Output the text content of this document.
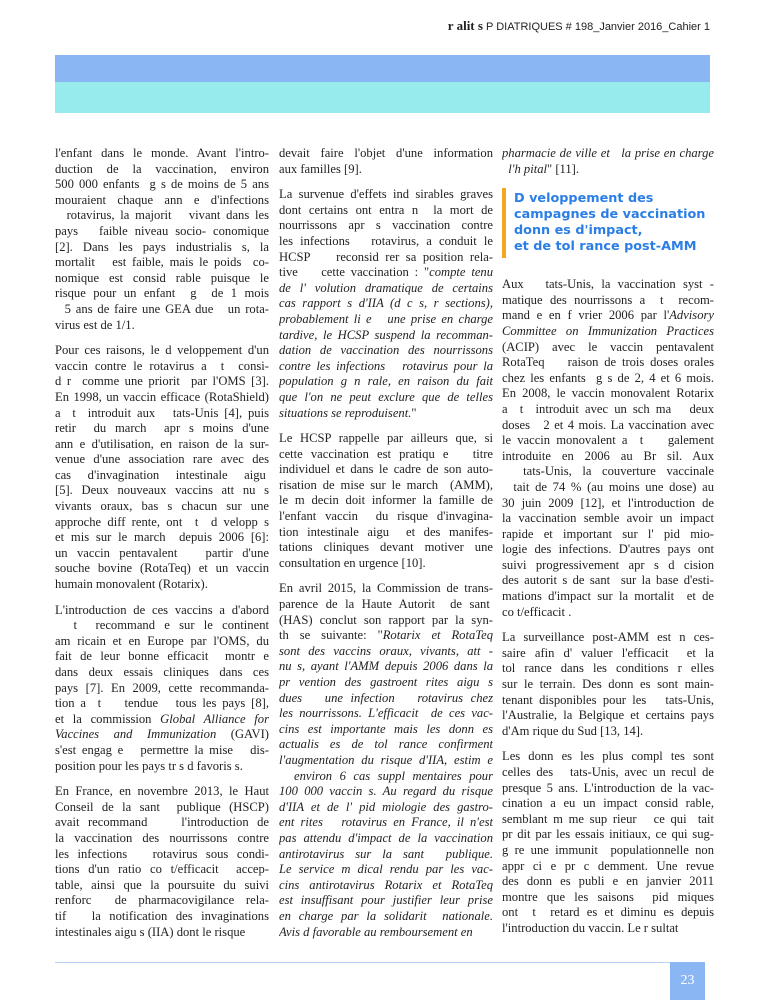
r alit s P DIATRIQUES # 198_Janvier 2016_Cahier 1
l'enfant dans le monde. Avant l'intro-
duction de la vaccination, environ
500 000 enfants  g s de moins de 5 ans
mouraient chaque ann e d'infections
rotavirus, la majorit   vivant dans les
pays   faible niveau socio- conomique
[2]. Dans les pays industrialis s, la
mortalit   est faible, mais le poids  co-
nomique est consid rable puisque le
risque pour un enfant  g  de 1 mois
5 ans de faire une GEA due   un rota-
virus est de 1/1.
Pour ces raisons, le d veloppement d'un
vaccin contre le rotavirus a  t  consi-
d r  comme une priorit  par l'OMS [3].
En 1998, un vaccin efficace (RotaShield)
a  t  introduit aux   tats-Unis [4], puis
retir  du march  apr s moins d'une
ann e d'utilisation, en raison de la sur-
venue d'une association rare avec des
cas d'invagination intestinale aigu
[5]. Deux nouveaux vaccins att nu s
vivants oraux, bas s chacun sur une
approche diff rente, ont  t  d velopp s
et mis sur le march  depuis 2006 [6]:
un vaccin pentavalent   partir d'une
souche bovine (RotaTeq) et un vaccin
humain monovalent (Rotarix).
L'introduction de ces vaccins a d'abord
t  recommand e sur le continent
am ricain et en Europe par l'OMS, du
fait de leur bonne efficacit  montr e
dans deux essais cliniques dans ces
pays [7]. En 2009, cette recommanda-
tion a  t    tendue   tous les pays [8],
et la commission Global Alliance for
Vaccines and Immunization (GAVI)
s'est engag e   permettre la mise   dis-
position pour les pays tr s d favoris s.
En France, en novembre 2013, le Haut
Conseil de la sant  publique (HSCP)
avait recommand    l'introduction de
la vaccination des nourrissons contre
les infections   rotavirus sous condi-
tions d'un ratio co t/efficacit  accep-
table, ainsi que la poursuite du suivi
renforc  de pharmacovigilance rela-
tif   la notification des invaginations
intestinales aigu s (IIA) dont le risque
devait faire l'objet d'une information
aux familles [9].
La survenue d'effets ind sirables graves
dont certains ont entra n  la mort de
nourrissons apr s vaccination contre
les infections   rotavirus, a conduit le
HCSP    reconsid rer sa position rela-
tive    cette vaccination : "compte tenu
de l' volution dramatique de certains
cas rapport s d'IIA (d c s, r sections),
probablement li e   une prise en charge
tardive, le HCSP suspend la recomman-
dation de vaccination des nourrissons
contre les infections   rotavirus pour la
population g n rale, en raison du fait
que l'on ne peut exclure que de telles
situations se reproduisent."
Le HCSP rappelle par ailleurs que, si
cette vaccination est pratiqu e   titre
individuel et dans le cadre de son auto-
risation de mise sur le march  (AMM),
le m decin doit informer la famille de
l'enfant vaccin  du risque d'invagina-
tion intestinale aigu  et des manifes-
tations cliniques devant motiver une
consultation en urgence [10].
En avril 2015, la Commission de trans-
parence de la Haute Autorit  de sant
(HAS) conclut son rapport par la syn-
th se suivante: "Rotarix et RotaTeq
sont des vaccins oraux, vivants, att -
nu s, ayant l'AMM depuis 2006 dans la
pr vention des gastroent rites aigu s
dues   une infection   rotavirus chez
les nourrissons. L'efficacit  de ces vac-
cins est importante mais les donn es
actualis es de tol rance confirment
l'augmentation du risque d'IIA, estim e
environ 6 cas suppl mentaires pour
100 000 vaccin s. Au regard du risque
d'IIA et de l' pid miologie des gastro-
ent rites   rotavirus en France, il n'est
pas attendu d'impact de la vaccination
antirotavirus sur la sant  publique.
Le service m dical rendu par les vac-
cins antirotavirus Rotarix et RotaTeq
est insuffisant pour justifier leur prise
en charge par la solidarit  nationale.
Avis d favorable au remboursement en
pharmacie de ville et   la prise en charge
l'h pital" [11].
D veloppement des
campagnes de vaccination
donn es d'impact,
et de tol rance post-AMM
Aux   tats-Unis, la vaccination syst -
matique des nourrissons a  t  recom-
mand e en f vrier 2006 par l'Advisory
Committee on Immunization Practices
(ACIP) avec le vaccin pentavalent
RotaTeq    raison de trois doses orales
chez les enfants  g s de 2, 4 et 6 mois.
En 2008, le vaccin monovalent Rotarix
a  t  introduit avec un sch ma   deux
doses   2 et 4 mois. La vaccination avec
le vaccin monovalent a  t    galement
introduite en 2006 au Br sil. Aux
tats-Unis, la couverture vaccinale
tait de 74 % (au moins une dose) au
30 juin 2009 [12], et l'introduction de
la vaccination semble avoir un impact
rapide et important sur l' pid mio-
logie des infections. D'autres pays ont
suivi progressivement apr s d cision
des autorit s de sant  sur la base d'esti-
mations d'impact sur la mortalit  et de
co t/efficacit .
La surveillance post-AMM est n ces-
saire afin d' valuer l'efficacit  et la
tol rance dans les conditions r elles
sur le terrain. Des donn es sont main-
tenant disponibles pour les   tats-Unis,
l'Australie, la Belgique et certains pays
d'Am rique du Sud [13, 14].
Les donn es les plus compl tes sont
celles des   tats-Unis, avec un recul de
presque 5 ans. L'introduction de la vac-
cination a eu un impact consid rable,
semblant m me sup rieur   ce qui  tait
pr dit par les essais initiaux, ce qui sug-
g re une immunit  populationnelle non
appr ci e pr c demment. Une revue
des donn es publi e en janvier 2011
montre que les saisons  pid miques
ont  t  retard es et diminu es depuis
l'introduction du vaccin. Le r sultat
23
